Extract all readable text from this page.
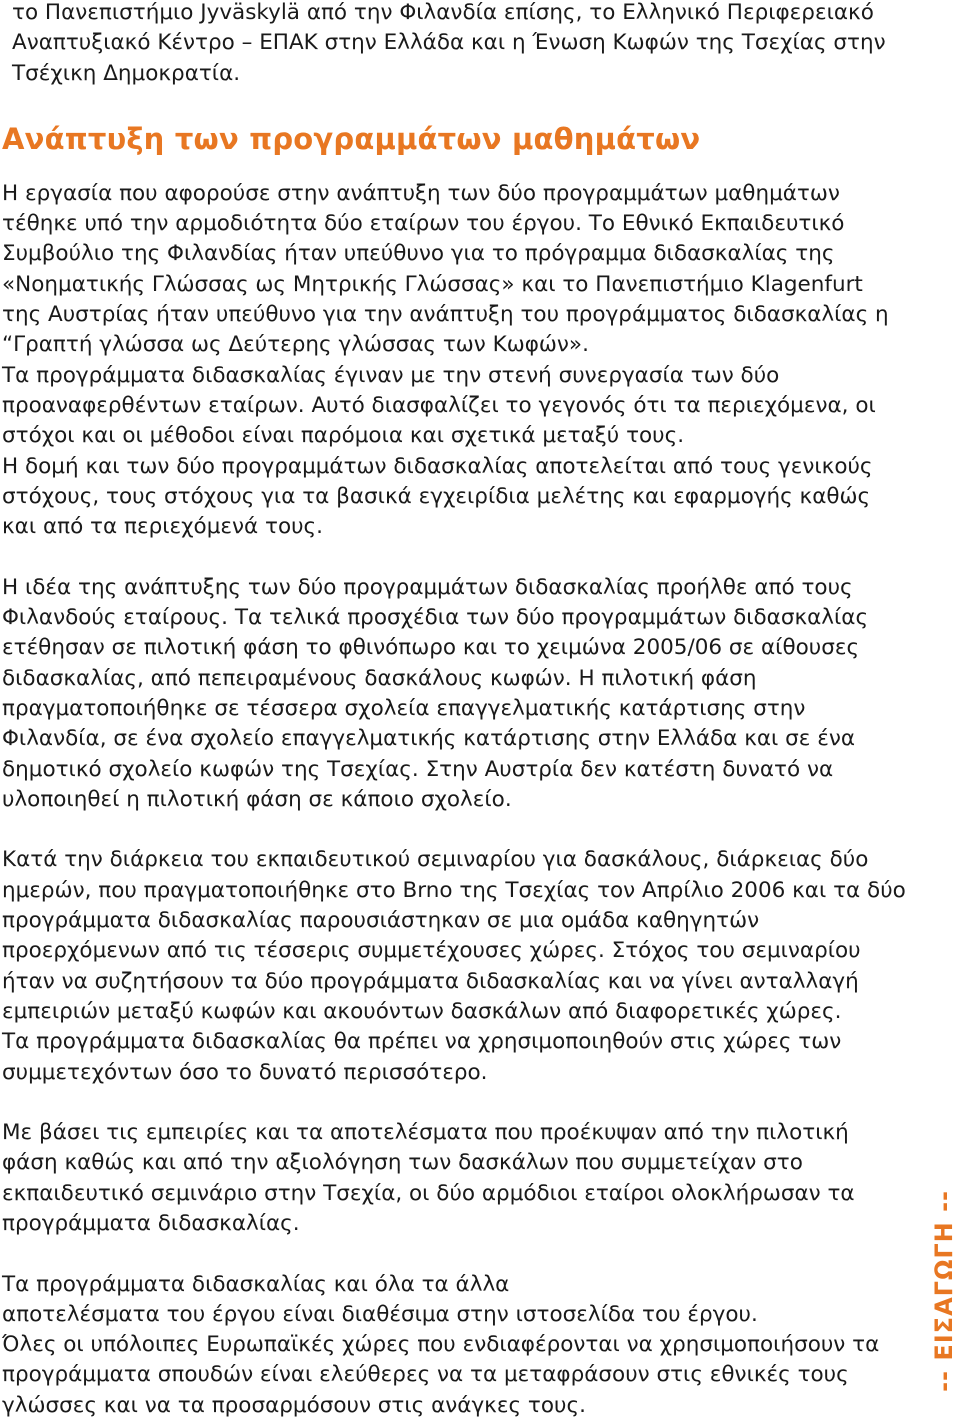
το Πανεπιστήμιο Jyväskylä από την Φιλανδία επίσης, το Ελληνικό Περιφερειακό Αναπτυξιακό Κέντρο – ΕΠΑΚ στην Ελλάδα και η Ένωση Κωφών της Τσεχίας στην Τσέχικη Δημοκρατία.

Ανάπτυξη των προγραμμάτων μαθημάτων

Η εργασία που αφορούσε στην ανάπτυξη των δύο προγραμμάτων μαθημάτων τέθηκε υπό την αρμοδιότητα δύο εταίρων του έργου. Το Εθνικό Εκπαιδευτικό Συμβούλιο της Φιλανδίας ήταν υπεύθυνο για το πρόγραμμα διδασκαλίας της «Νοηματικής Γλώσσας ως Μητρικής Γλώσσας» και το Πανεπιστήμιο Klagenfurt της Αυστρίας ήταν υπεύθυνο για την ανάπτυξη του προγράμματος διδασκαλίας η “Γραπτή γλώσσα ως Δεύτερης γλώσσας των Κωφών».

Τα προγράμματα διδασκαλίας έγιναν με την στενή συνεργασία των δύο προαναφερθέντων εταίρων. Αυτό διασφαλίζει το γεγονός ότι τα περιεχόμενα, οι στόχοι και οι μέθοδοι είναι παρόμοια και σχετικά μεταξύ τους.

Η δομή και των δύο προγραμμάτων διδασκαλίας αποτελείται από τους γενικούς στόχους, τους στόχους για τα βασικά εγχειρίδια μελέτης και εφαρμογής καθώς και από τα περιεχόμενά τους.

Η ιδέα της ανάπτυξης των δύο προγραμμάτων διδασκαλίας προήλθε από τους Φιλανδούς εταίρους. Τα τελικά προσχέδια των δύο προγραμμάτων διδασκαλίας ετέθησαν σε πιλοτική φάση το φθινόπωρο και το χειμώνα 2005/06 σε αίθουσες διδασκαλίας, από πεπειραμένους δασκάλους κωφών. Η πιλοτική φάση πραγματοποιήθηκε σε τέσσερα σχολεία επαγγελματικής κατάρτισης στην Φιλανδία, σε ένα σχολείο επαγγελματικής κατάρτισης στην Ελλάδα και σε ένα δημοτικό σχολείο κωφών της Τσεχίας. Στην Αυστρία δεν κατέστη δυνατό να υλοποιηθεί η πιλοτική φάση σε κάποιο σχολείο.

Κατά την διάρκεια του εκπαιδευτικού σεμιναρίου για δασκάλους, διάρκειας δύο ημερών, που πραγματοποιήθηκε στο Brno της Τσεχίας τον Απρίλιο 2006 και τα δύο προγράμματα διδασκαλίας παρουσιάστηκαν σε μια ομάδα καθηγητών προερχόμενων από τις τέσσερις συμμετέχουσες χώρες. Στόχος του σεμιναρίου ήταν να συζητήσουν τα δύο προγράμματα διδασκαλίας και να γίνει ανταλλαγή εμπειριών μεταξύ κωφών και ακουόντων δασκάλων από διαφορετικές χώρες.

Τα προγράμματα διδασκαλίας θα πρέπει να χρησιμοποιηθούν στις χώρες των συμμετεχόντων όσο το δυνατό περισσότερο.

Με βάσει τις εμπειρίες και τα αποτελέσματα που προέκυψαν από την πιλοτική φάση καθώς και από την αξιολόγηση των δασκάλων που συμμετείχαν στο εκπαιδευτικό σεμινάριο στην Τσεχία, οι δύο αρμόδιοι εταίροι ολοκλήρωσαν τα προγράμματα διδασκαλίας.

Τα προγράμματα διδασκαλίας και όλα τα άλλα

αποτελέσματα του έργου είναι διαθέσιμα στην ιστοσελίδα του έργου.

Όλες οι υπόλοιπες Ευρωπαϊκές χώρες που ενδιαφέρονται να χρησιμοποιήσουν τα προγράμματα σπουδών είναι ελεύθερες να τα μεταφράσουν στις εθνικές τους γλώσσες και να τα προσαρμόσουν στις ανάγκες τους.

-- ΕΙΣΑΓΩΓΗ --
